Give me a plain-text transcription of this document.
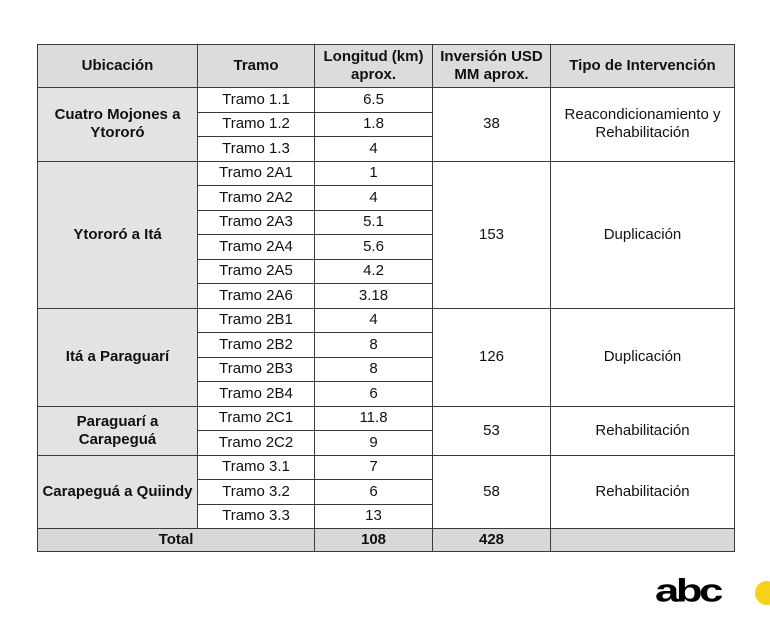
Ubicación	Tramo	Longitud (km) aprox.	Inversión USD MM aprox.	Tipo de Intervención
Cuatro Mojones a Ytororó	Tramo 1.1	6.5	38	Reacondicionamiento y Rehabilitación
	Tramo 1.2	1.8		
	Tramo 1.3	4		
Ytororó a Itá	Tramo 2A1	1	153	Duplicación
	Tramo 2A2	4		
	Tramo 2A3	5.1		
	Tramo 2A4	5.6		
	Tramo 2A5	4.2		
	Tramo 2A6	3.18		
Itá a Paraguarí	Tramo 2B1	4	126	Duplicación
	Tramo 2B2	8		
	Tramo 2B3	8		
	Tramo 2B4	6		
Paraguarí a Carapeguá	Tramo 2C1	11.8	53	Rehabilitación
	Tramo 2C2	9		
Carapeguá a Quiindy	Tramo 3.1	7	58	Rehabilitación
	Tramo 3.2	6		
	Tramo 3.3	13		
Total		108	428	
abc
